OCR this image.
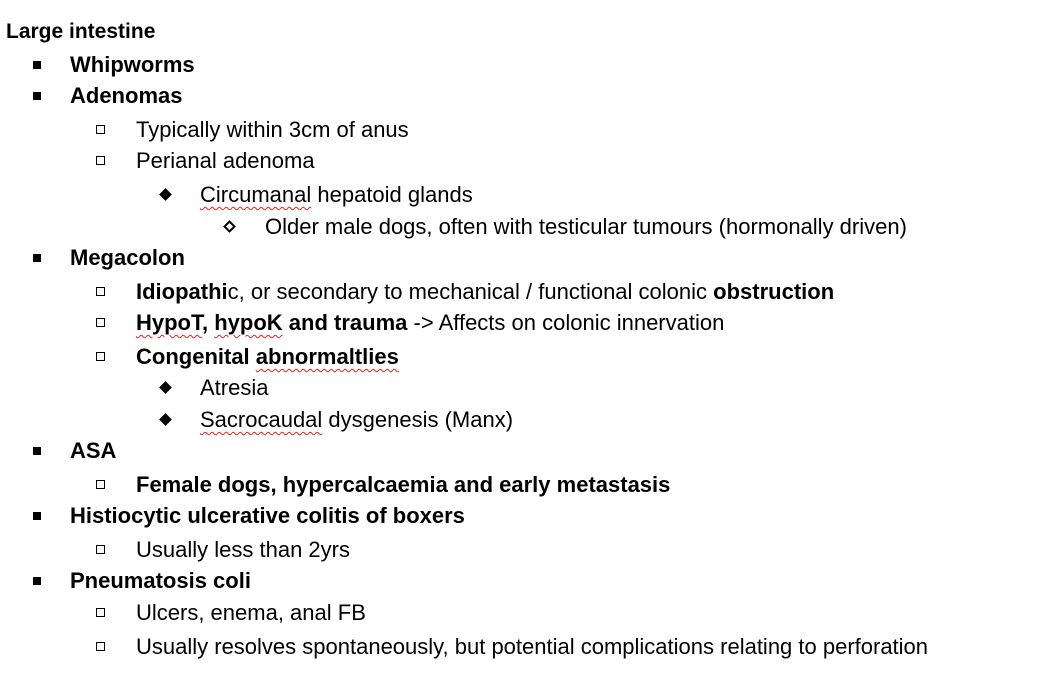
Large intestine
Whipworms
Adenomas
Typically within 3cm of anus
Perianal adenoma
Circumanal hepatoid glands
Older male dogs, often with testicular tumours (hormonally driven)
Megacolon
Idiopathic, or secondary to mechanical / functional colonic obstruction
HypoT, hypoK and trauma -> Affects on colonic innervation
Congenital abnormaltlies
Atresia
Sacrocaudal dysgenesis (Manx)
ASA
Female dogs, hypercalcaemia and early metastasis
Histiocytic ulcerative colitis of boxers
Usually less than 2yrs
Pneumatosis coli
Ulcers, enema, anal FB
Usually resolves spontaneously, but potential complications relating to perforation
